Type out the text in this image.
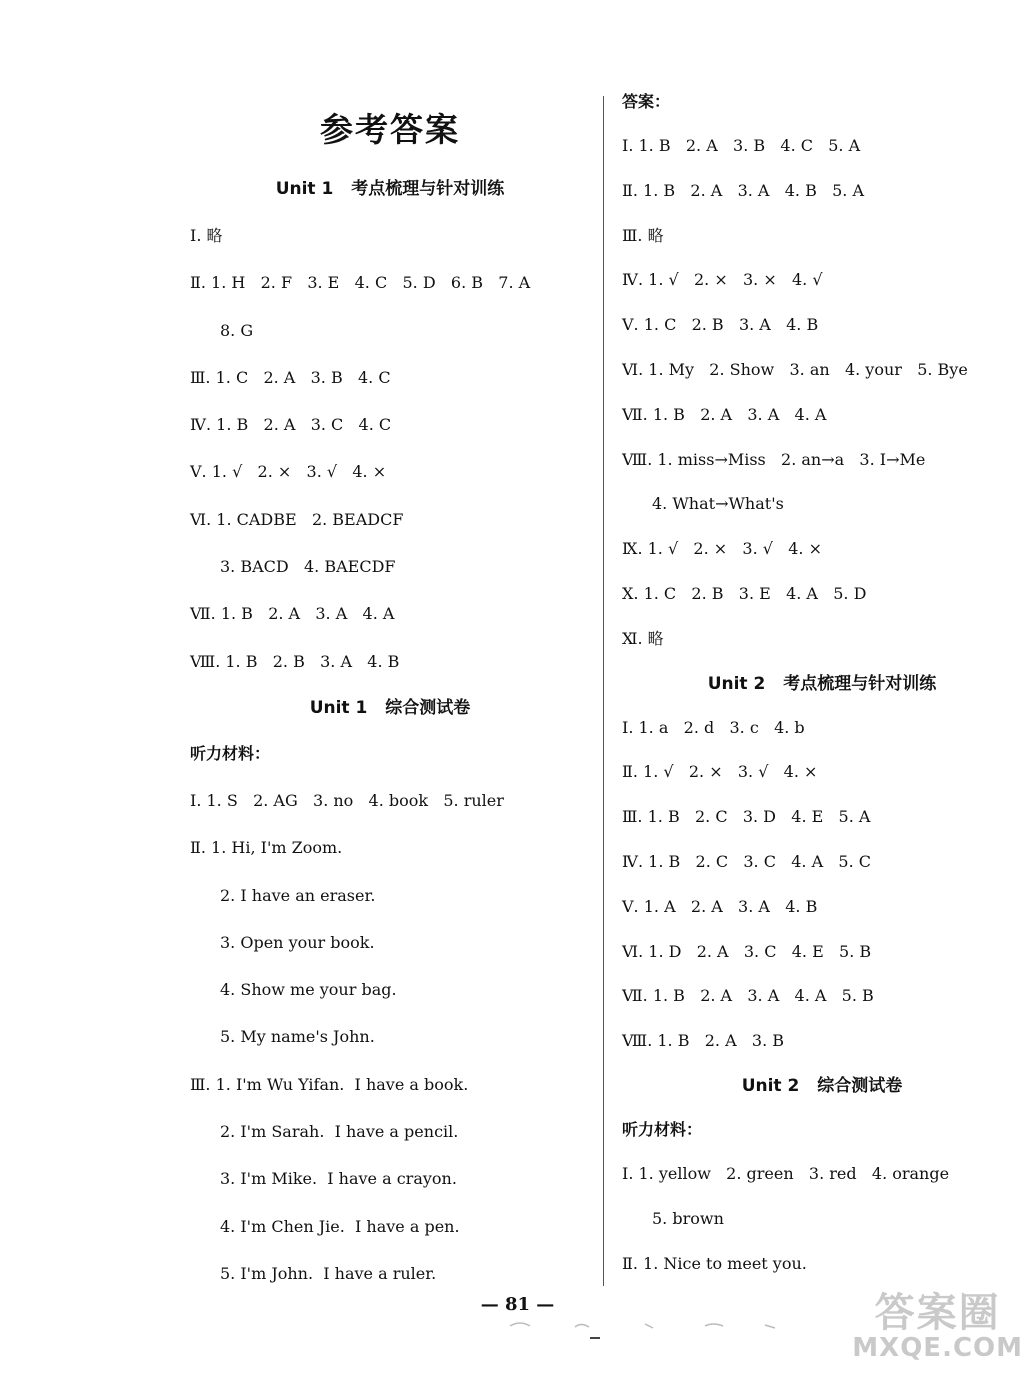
参考答案
Unit 1 考点梳理与针对训练
Ⅰ. 略
Ⅱ. 1. H   2. F   3. E   4. C   5. D   6. B   7. A
8. G
Ⅲ. 1. C   2. A   3. B   4. C
Ⅳ. 1. B   2. A   3. C   4. C
Ⅴ. 1. √   2. ×   3. √   4. ×
Ⅵ. 1. CADBE   2. BEADCF
3. BACD   4. BAECDF
Ⅶ. 1. B   2. A   3. A   4. A
Ⅷ. 1. B   2. B   3. A   4. B
Unit 1 综合测试卷
听力材料：
Ⅰ. 1. S   2. AG   3. no   4. book   5. ruler
Ⅱ. 1. Hi, I'm Zoom.
2. I have an eraser.
3. Open your book.
4. Show me your bag.
5. My name's John.
Ⅲ. 1. I'm Wu Yifan.  I have a book.
2. I'm Sarah.  I have a pencil.
3. I'm Mike.  I have a crayon.
4. I'm Chen Jie.  I have a pen.
5. I'm John.  I have a ruler.
答案：
Ⅰ. 1. B   2. A   3. B   4. C   5. A
Ⅱ. 1. B   2. A   3. A   4. B   5. A
Ⅲ. 略
Ⅳ. 1. √   2. ×   3. ×   4. √
Ⅴ. 1. C   2. B   3. A   4. B
Ⅵ. 1. My   2. Show   3. an   4. your   5. Bye
Ⅶ. 1. B   2. A   3. A   4. A
Ⅷ. 1. miss→Miss   2. an→a   3. I→Me
4. What→What's
Ⅸ. 1. √   2. ×   3. √   4. ×
Ⅹ. 1. C   2. B   3. E   4. A   5. D
Ⅺ. 略
Unit 2 考点梳理与针对训练
Ⅰ. 1. a   2. d   3. c   4. b
Ⅱ. 1. √   2. ×   3. √   4. ×
Ⅲ. 1. B   2. C   3. D   4. E   5. A
Ⅳ. 1. B   2. C   3. C   4. A   5. C
Ⅴ. 1. A   2. A   3. A   4. B
Ⅵ. 1. D   2. A   3. C   4. E   5. B
Ⅶ. 1. B   2. A   3. A   4. A   5. B
Ⅷ. 1. B   2. A   3. B
Unit 2 综合测试卷
听力材料：
Ⅰ. 1. yellow   2. green   3. red   4. orange
5. brown
Ⅱ. 1. Nice to meet you.
— 81 —	答案圈
MXQE.COM
